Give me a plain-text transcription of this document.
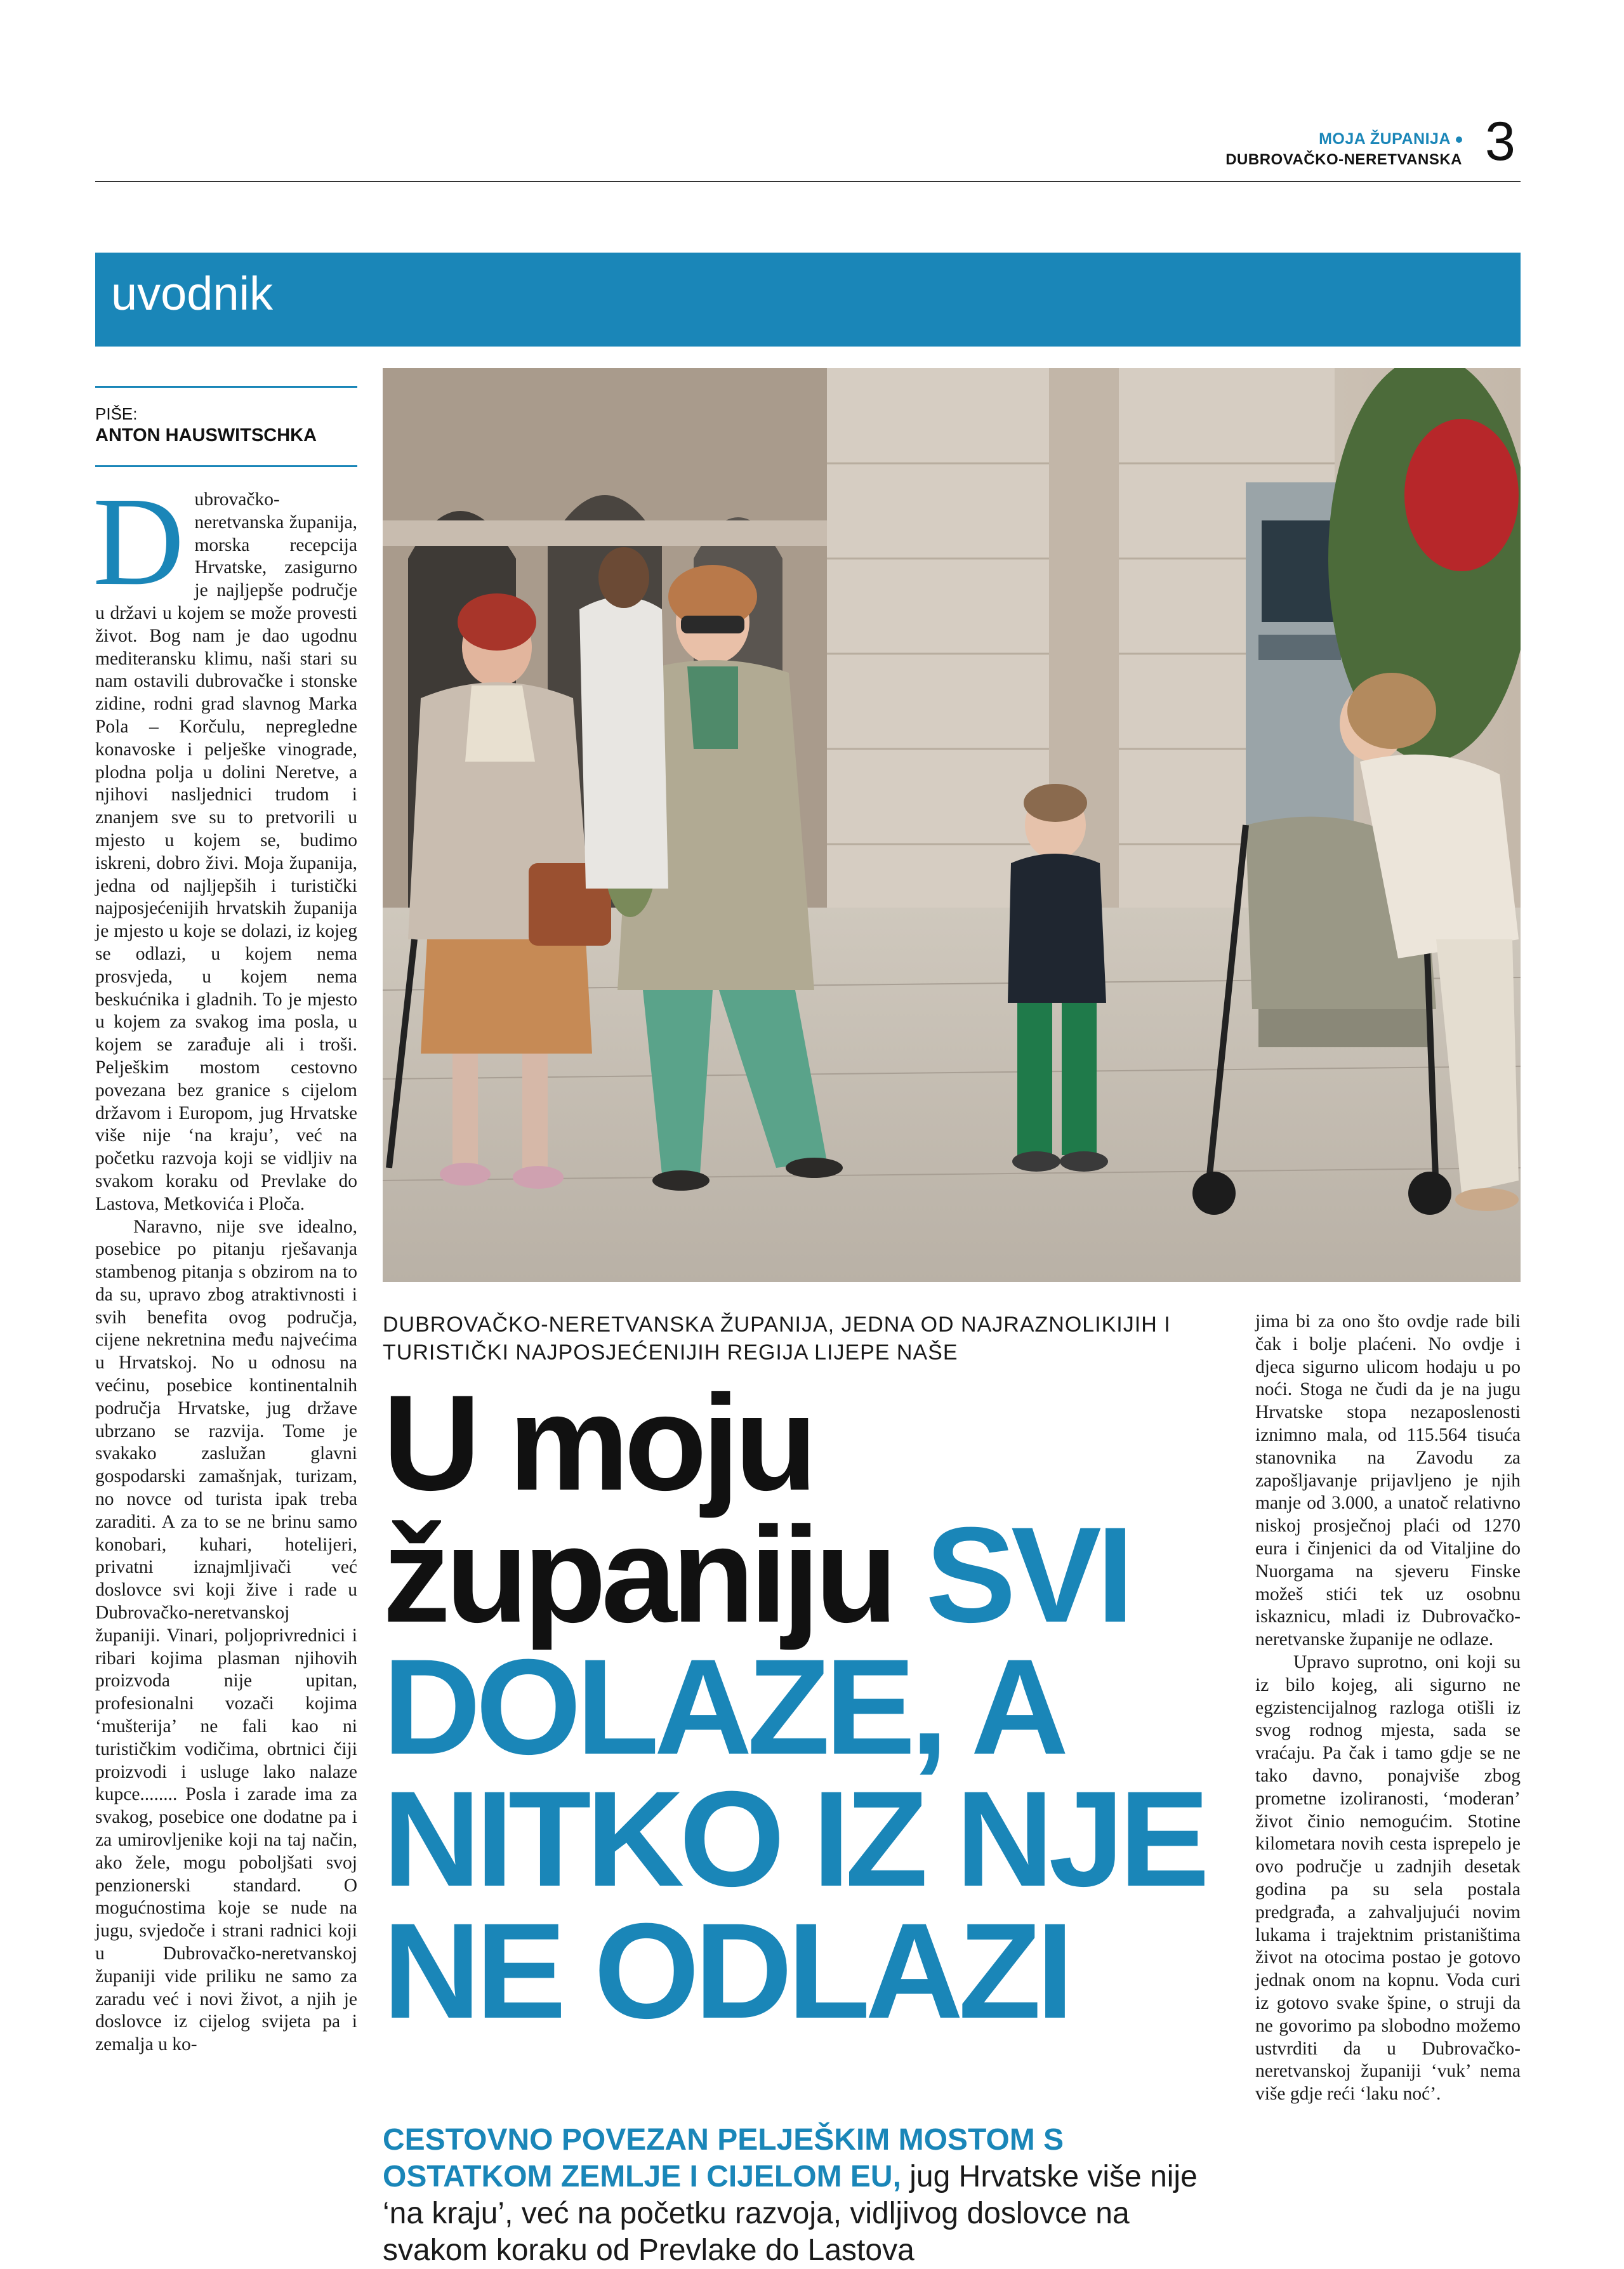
MOJA ŽUPANIJA
DUBROVAČKO-NERETVANSKA 3
uvodnik
PIŠE:
ANTON HAUSWITSCHKA

Dubrovačko-neretvanska županija, morska recepcija Hrvatske, zasigurno je najljepše područje u državi u kojem se može provesti život. Bog nam je dao ugodnu mediteransku klimu, naši stari su nam ostavili dubrovačke i stonske zidine, rodni grad slavnog Marka Pola – Korčulu, nepregledne konavoske i pelješke vinograde, plodna polja u dolini Neretve, a njihovi nasljednici trudom i znanjem sve su to pretvorili u mjesto u kojem se, budimo iskreni, dobro živi. Moja županija, jedna od najljepših i turistički najposjećenijih hrvatskih županija je mjesto u koje se dolazi, iz kojeg se odlazi, u kojem nema prosvjeda, u kojem nema beskućnika i gladnih. To je mjesto u kojem za svakog ima posla, u kojem se zarađuje ali i troši. Pelješkim mostom cestovno povezana bez granice s cijelom državom i Europom, jug Hrvatske više nije ‘na kraju’, već na početku razvoja koji se vidljiv na svakom koraku od Prevlake do Lastova, Metkovića i Ploča.

Naravno, nije sve idealno, posebice po pitanju rješavanja stambenog pitanja s obzirom na to da su, upravo zbog atraktivnosti i svih benefita ovog područja, cijene nekretnina među najvećima u Hrvatskoj. No u odnosu na većinu, posebice kontinentalnih područja Hrvatske, jug države ubrzano se razvija. Tome je svakako zaslužan glavni gospodarski zamašnjak, turizam, no novce od turista ipak treba zaraditi. A za to se ne brinu samo konobari, kuhari, hotelijeri, privatni iznajmljivači već doslovce svi koji žive i rade u Dubrovačko-neretvanskoj županiji. Vinari, poljoprivrednici i ribari kojima plasman njihovih proizvoda nije upitan, profesionalni vozači kojima ‘mušterija’ ne fali kao ni turističkim vodičima, obrtnici čiji proizvodi i usluge lako nalaze kupce........ Posla i zarade ima za svakog, posebice one dodatne pa i za umirovljenike koji na taj način, ako žele, mogu poboljšati svoj penzionerski standard. O mogućnostima koje se nude na jugu, svjedoče i strani radnici koji u Dubrovačko-neretvanskoj županiji vide priliku ne samo za zaradu već i novi život, a njih je doslovce iz cijelog svijeta pa i zemalja u ko-

DUBROVAČKO-NERETVANSKA ŽUPANIJA, JEDNA OD NAJRAZNOLIKIJIH I TURISTIČKI NAJPOSJEĆENIJIH REGIJA LIJEPE NAŠE
U moju županiju SVI DOLAZE, A NITKO IZ NJE NE ODLAZI
CESTOVNO POVEZAN PELJEŠKIM MOSTOM S OSTATKOM ZEMLJE I CIJELOM EU, jug Hrvatske više nije ‘na kraju’, već na početku razvoja, vidljivog doslovce na svakom koraku od Prevlake do Lastova

jima bi za ono što ovdje rade bili čak i bolje plaćeni. No ovdje i djeca sigurno ulicom hodaju u po noći. Stoga ne čudi da je na jugu Hrvatske stopa nezaposlenosti iznimno mala, od 115.564 tisuća stanovnika na Zavodu za zapošljavanje prijavljeno je njih manje od 3.000, a unatoč relativno niskoj prosječnoj plaći od 1270 eura i činjenici da od Vitaljine do Nuorgama na sjeveru Finske možeš stići tek uz osobnu iskaznicu, mladi iz Dubrovačko-neretvanske županije ne odlaze.

Upravo suprotno, oni koji su iz bilo kojeg, ali sigurno ne egzistencijalnog razloga otišli iz svog rodnog mjesta, sada se vraćaju. Pa čak i tamo gdje se ne tako davno, ponajviše zbog prometne izoliranosti, ‘moderan’ život činio nemogućim. Stotine kilometara novih cesta isprepelo je ovo područje u zadnjih desetak godina pa su sela postala predgrađa, a zahvaljujući novim lukama i trajektnim pristaništima život na otocima postao je gotovo jednak onom na kopnu. Voda curi iz gotovo svake špine, o struji da ne govorimo pa slobodno možemo ustvrditi da u Dubrovačko-neretvanskoj županiji ‘vuk’ nema više gdje reći ‘laku noć’.
